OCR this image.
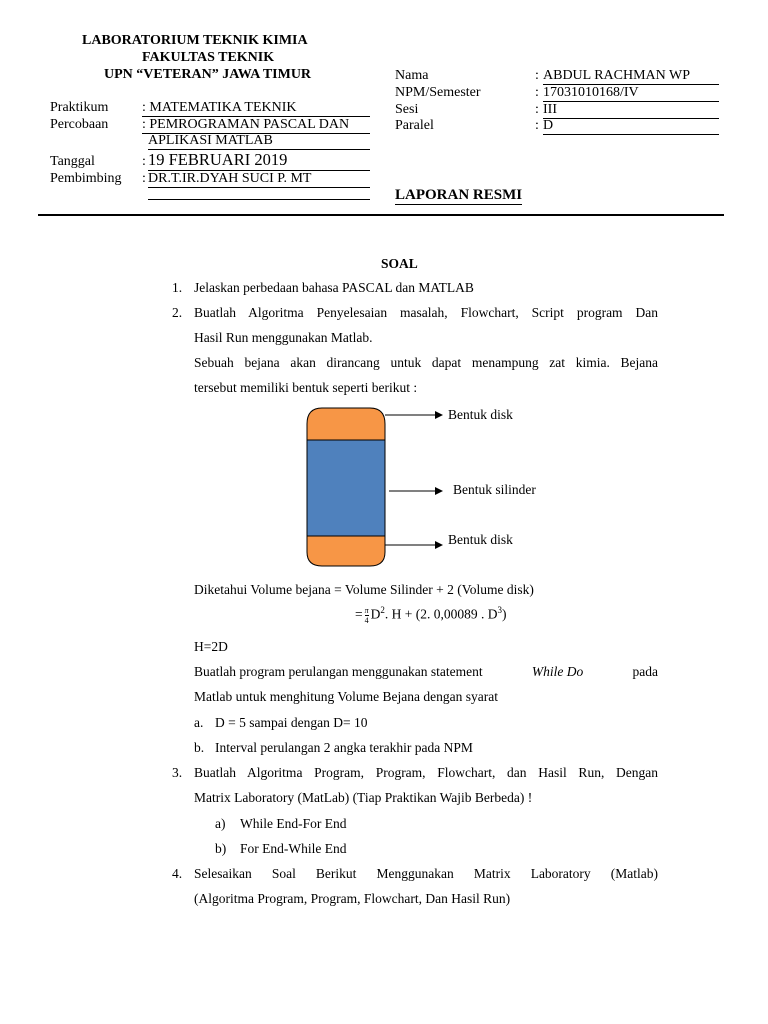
LABORATORIUM TEKNIK KIMIA
FAKULTAS TEKNIK
UPN “VETERAN” JAWA TIMUR
Praktikum : MATEMATIKA TEKNIK
Percobaan : PEMROGRAMAN PASCAL DAN
APLIKASI MATLAB
Tanggal	: 19 FEBRUARI 2019
Pembimbing : DR.T.IR.DYAH SUCI P. MT
Nama	: ABDUL RACHMAN WP
NPM/Semester	: 17031010168/IV
Sesi	: III
Paralel	: D
LAPORAN RESMI
SOAL
1. Jelaskan perbedaan bahasa PASCAL dan MATLAB
2. Buatlah Algoritma Penyelesaian masalah, Flowchart, Script program Dan
Hasil Run menggunakan Matlab.
Sebuah bejana akan dirancang untuk dapat menampung zat kimia. Bejana
tersebut memiliki bentuk seperti berikut :
Bentuk disk
Bentuk silinder
Bentuk disk
Diketahui Volume bejana = Volume Silinder + 2 (Volume disk)
= $\frac{\pi}{4} D^2$. H + (2. 0,00089 . $D^3$)
H=2D
Buatlah program perulangan menggunakan statement	While Do	pada
Matlab untuk menghitung Volume Bejana dengan syarat
a. D = 5 sampai dengan D= 10
b. Interval perulangan 2 angka terakhir pada NPM
3. Buatlah Algoritma Program, Program, Flowchart, dan Hasil Run, Dengan
Matrix Laboratory (MatLab) (Tiap Praktikan Wajib Berbeda) !
a) While End-For End
b) For End-While End
4. Selesaikan Soal Berikut Menggunakan Matrix Laboratory (Matlab)
(Algoritma Program, Program, Flowchart, Dan Hasil Run)
